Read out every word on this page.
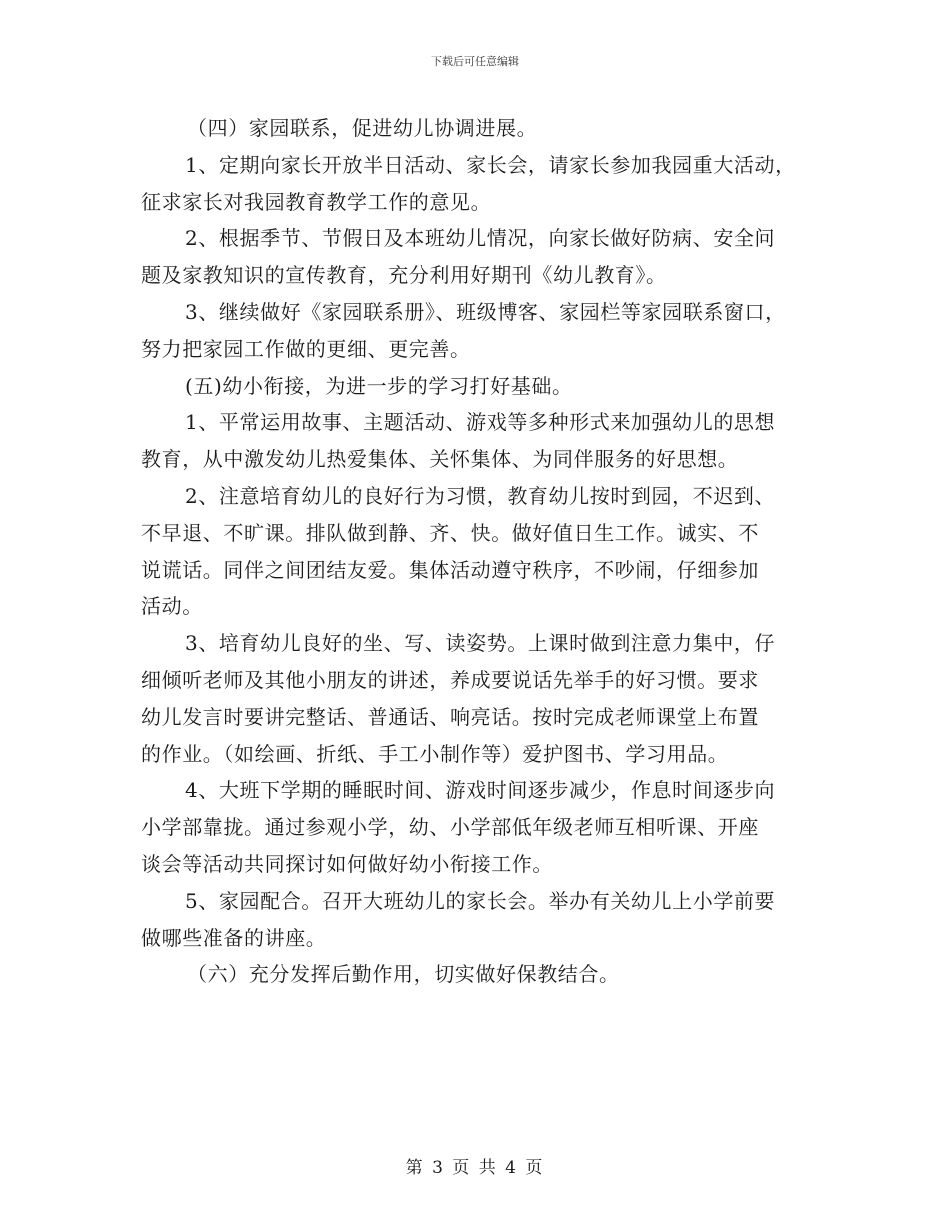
下载后可任意编辑
（四）家园联系，促进幼儿协调进展。
1、定期向家长开放半日活动、家长会，请家长参加我园重大活动，
征求家长对我园教育教学工作的意见。
2、根据季节、节假日及本班幼儿情况，向家长做好防病、安全问
题及家教知识的宣传教育，充分利用好期刊《幼儿教育》。
3、继续做好《家园联系册》、班级博客、家园栏等家园联系窗口，
努力把家园工作做的更细、更完善。
(五)幼小衔接，为进一步的学习打好基础。
1、平常运用故事、主题活动、游戏等多种形式来加强幼儿的思想
教育，从中激发幼儿热爱集体、关怀集体、为同伴服务的好思想。
2、注意培育幼儿的良好行为习惯，教育幼儿按时到园，不迟到、
不早退、不旷课。排队做到静、齐、快。做好值日生工作。诚实、不
说谎话。同伴之间团结友爱。集体活动遵守秩序，不吵闹，仔细参加
活动。
3、培育幼儿良好的坐、写、读姿势。上课时做到注意力集中，仔
细倾听老师及其他小朋友的讲述，养成要说话先举手的好习惯。要求
幼儿发言时要讲完整话、普通话、响亮话。按时完成老师课堂上布置
的作业。（如绘画、折纸、手工小制作等）爱护图书、学习用品。
4、大班下学期的睡眠时间、游戏时间逐步减少，作息时间逐步向
小学部靠拢。通过参观小学，幼、小学部低年级老师互相听课、开座
谈会等活动共同探讨如何做好幼小衔接工作。
5、家园配合。召开大班幼儿的家长会。举办有关幼儿上小学前要
做哪些准备的讲座。
（六）充分发挥后勤作用，切实做好保教结合。
第 3 页 共 4 页
